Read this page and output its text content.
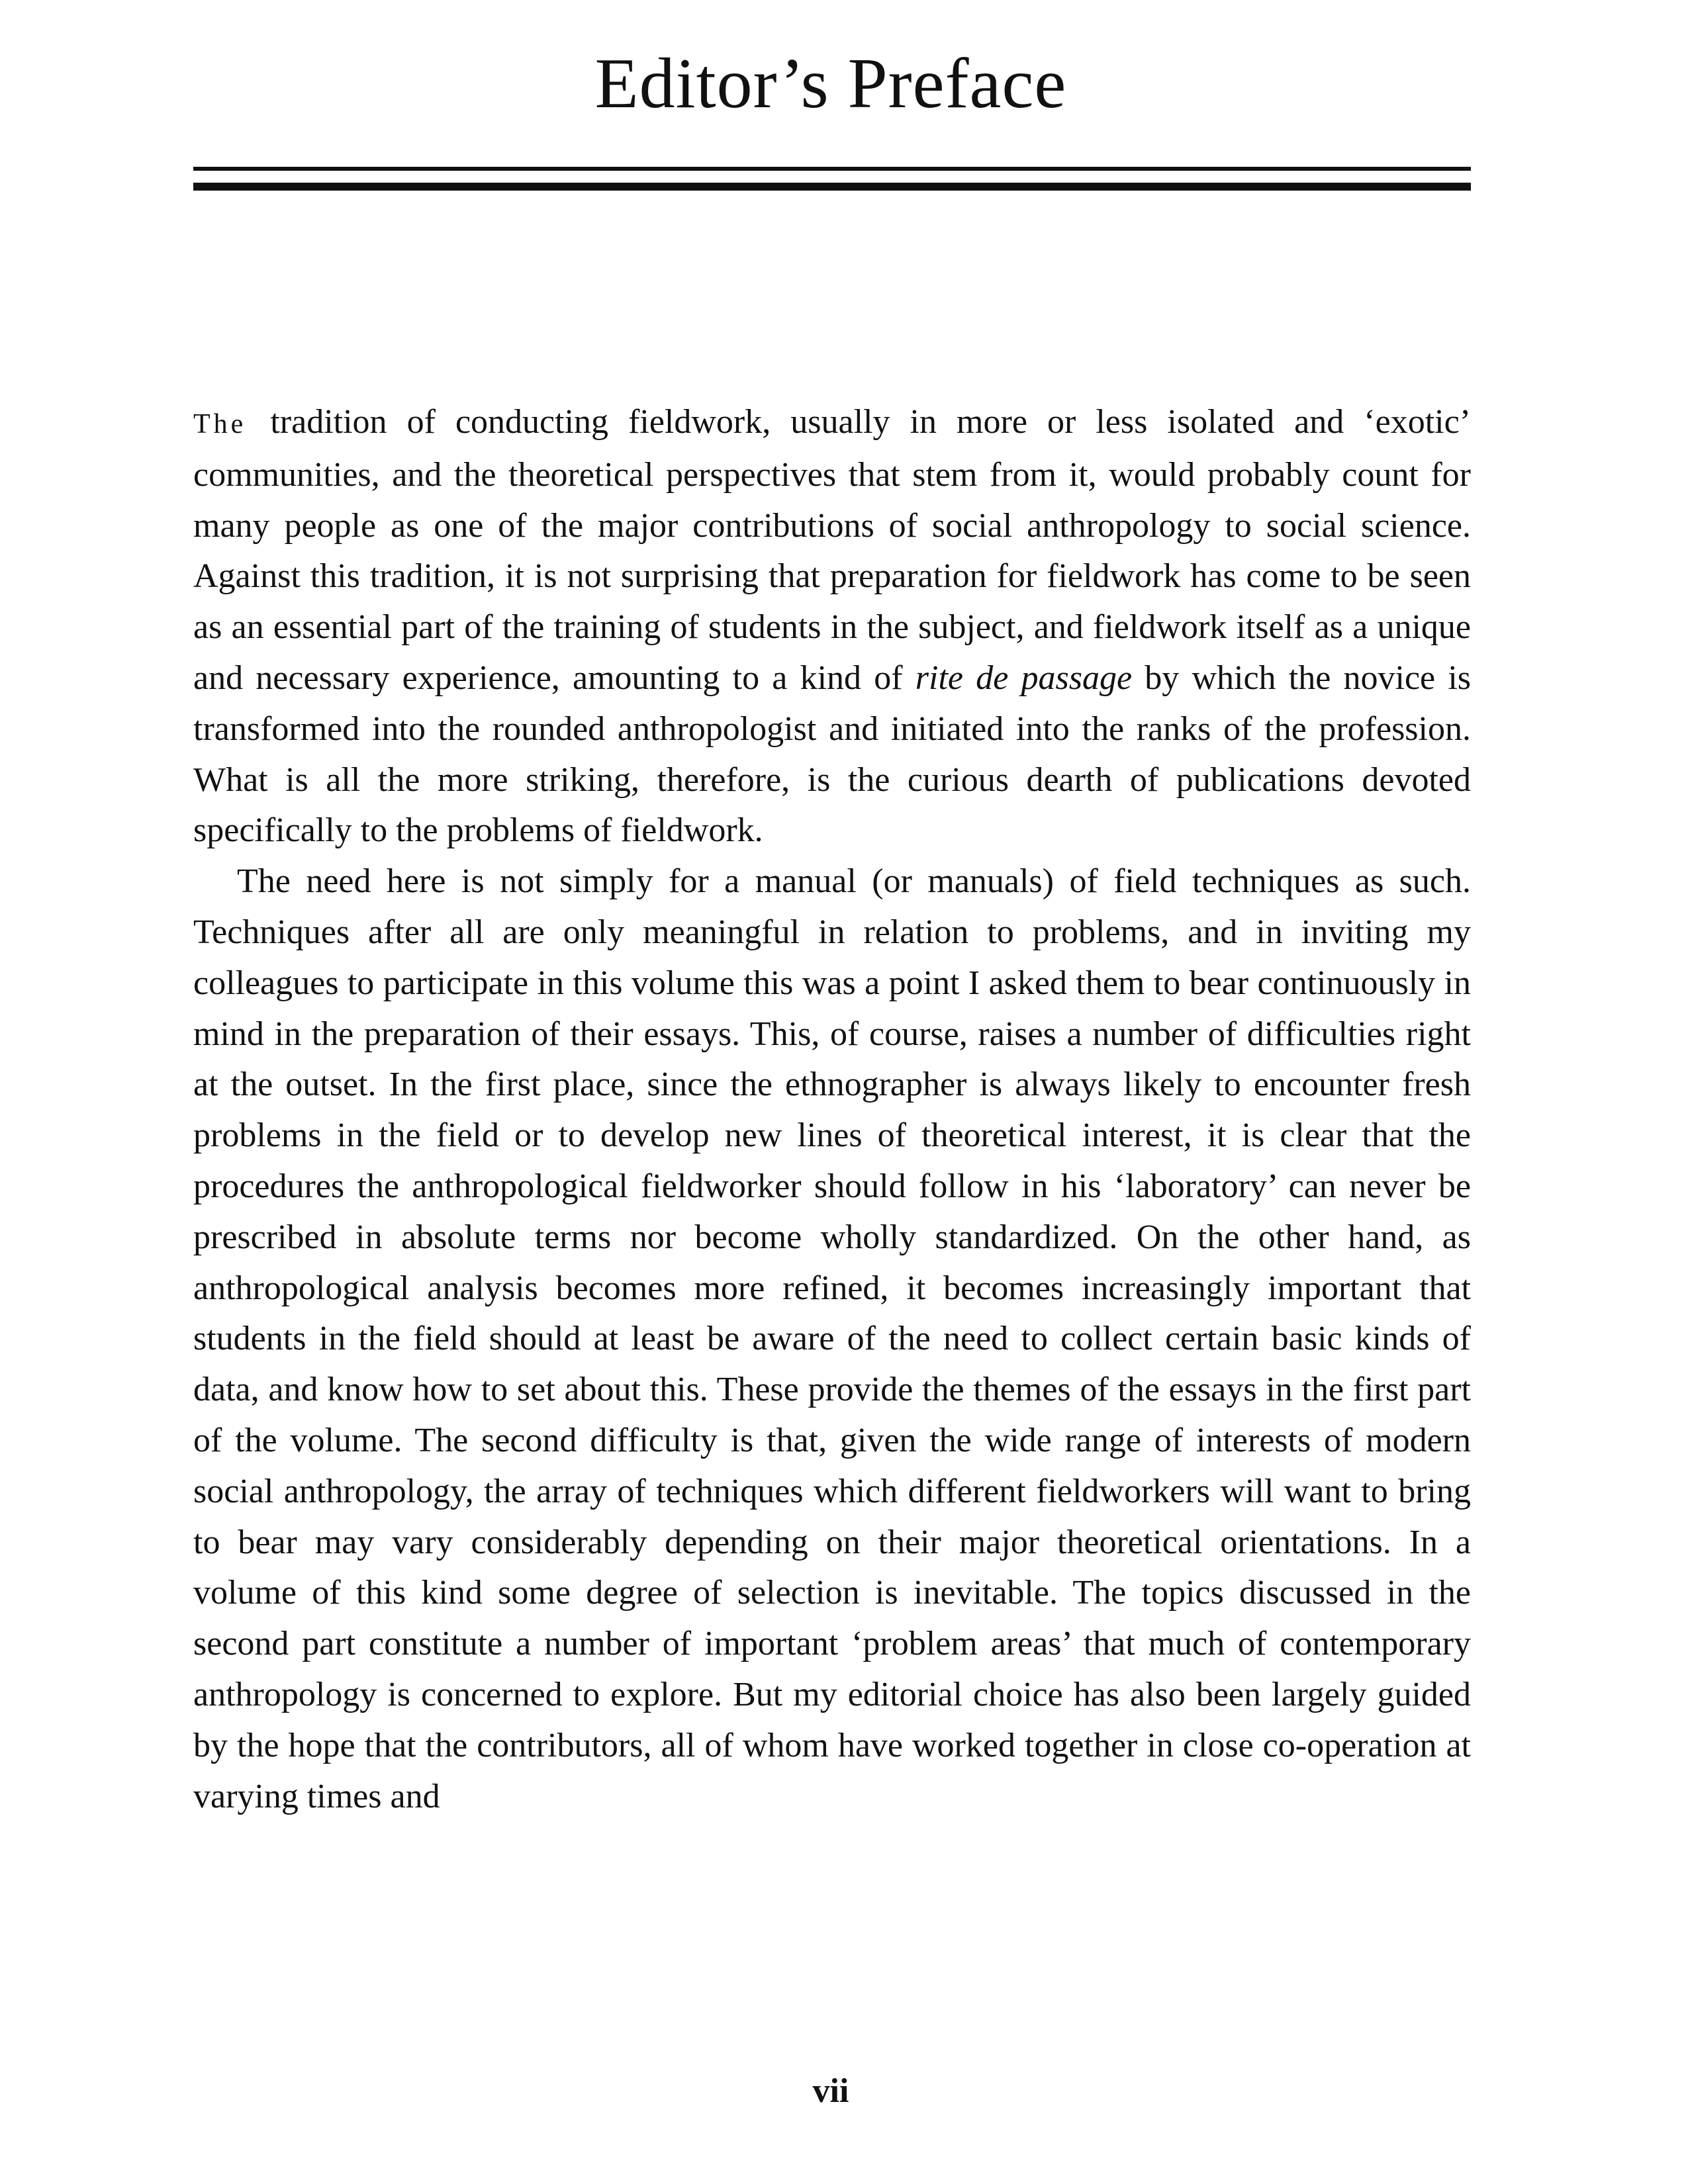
Editor’s Preface

The tradition of conducting fieldwork, usually in more or less isolated and ‘exotic’ communities, and the theoretical perspectives that stem from it, would probably count for many people as one of the major contributions of social anthropology to social science. Against this tradition, it is not surprising that preparation for fieldwork has come to be seen as an essential part of the training of students in the subject, and fieldwork itself as a unique and necessary experience, amounting to a kind of rite de passage by which the novice is transformed into the rounded anthropologist and initiated into the ranks of the profession. What is all the more striking, therefore, is the curious dearth of publications devoted specifically to the problems of fieldwork.

The need here is not simply for a manual (or manuals) of field techniques as such. Techniques after all are only meaningful in relation to problems, and in inviting my colleagues to participate in this volume this was a point I asked them to bear continuously in mind in the preparation of their essays. This, of course, raises a number of difficulties right at the outset. In the first place, since the ethnographer is always likely to encounter fresh problems in the field or to develop new lines of theoretical interest, it is clear that the procedures the anthropological fieldworker should follow in his ‘laboratory’ can never be prescribed in absolute terms nor become wholly standardized. On the other hand, as anthropological analysis becomes more refined, it becomes increasingly important that students in the field should at least be aware of the need to collect certain basic kinds of data, and know how to set about this. These provide the themes of the essays in the first part of the volume. The second difficulty is that, given the wide range of interests of modern social anthropology, the array of techniques which different fieldworkers will want to bring to bear may vary considerably depending on their major theoretical orientations. In a volume of this kind some degree of selection is inevitable. The topics discussed in the second part constitute a number of important ‘problem areas’ that much of contemporary anthropology is concerned to explore. But my editorial choice has also been largely guided by the hope that the contributors, all of whom have worked together in close co-operation at varying times and

vii
